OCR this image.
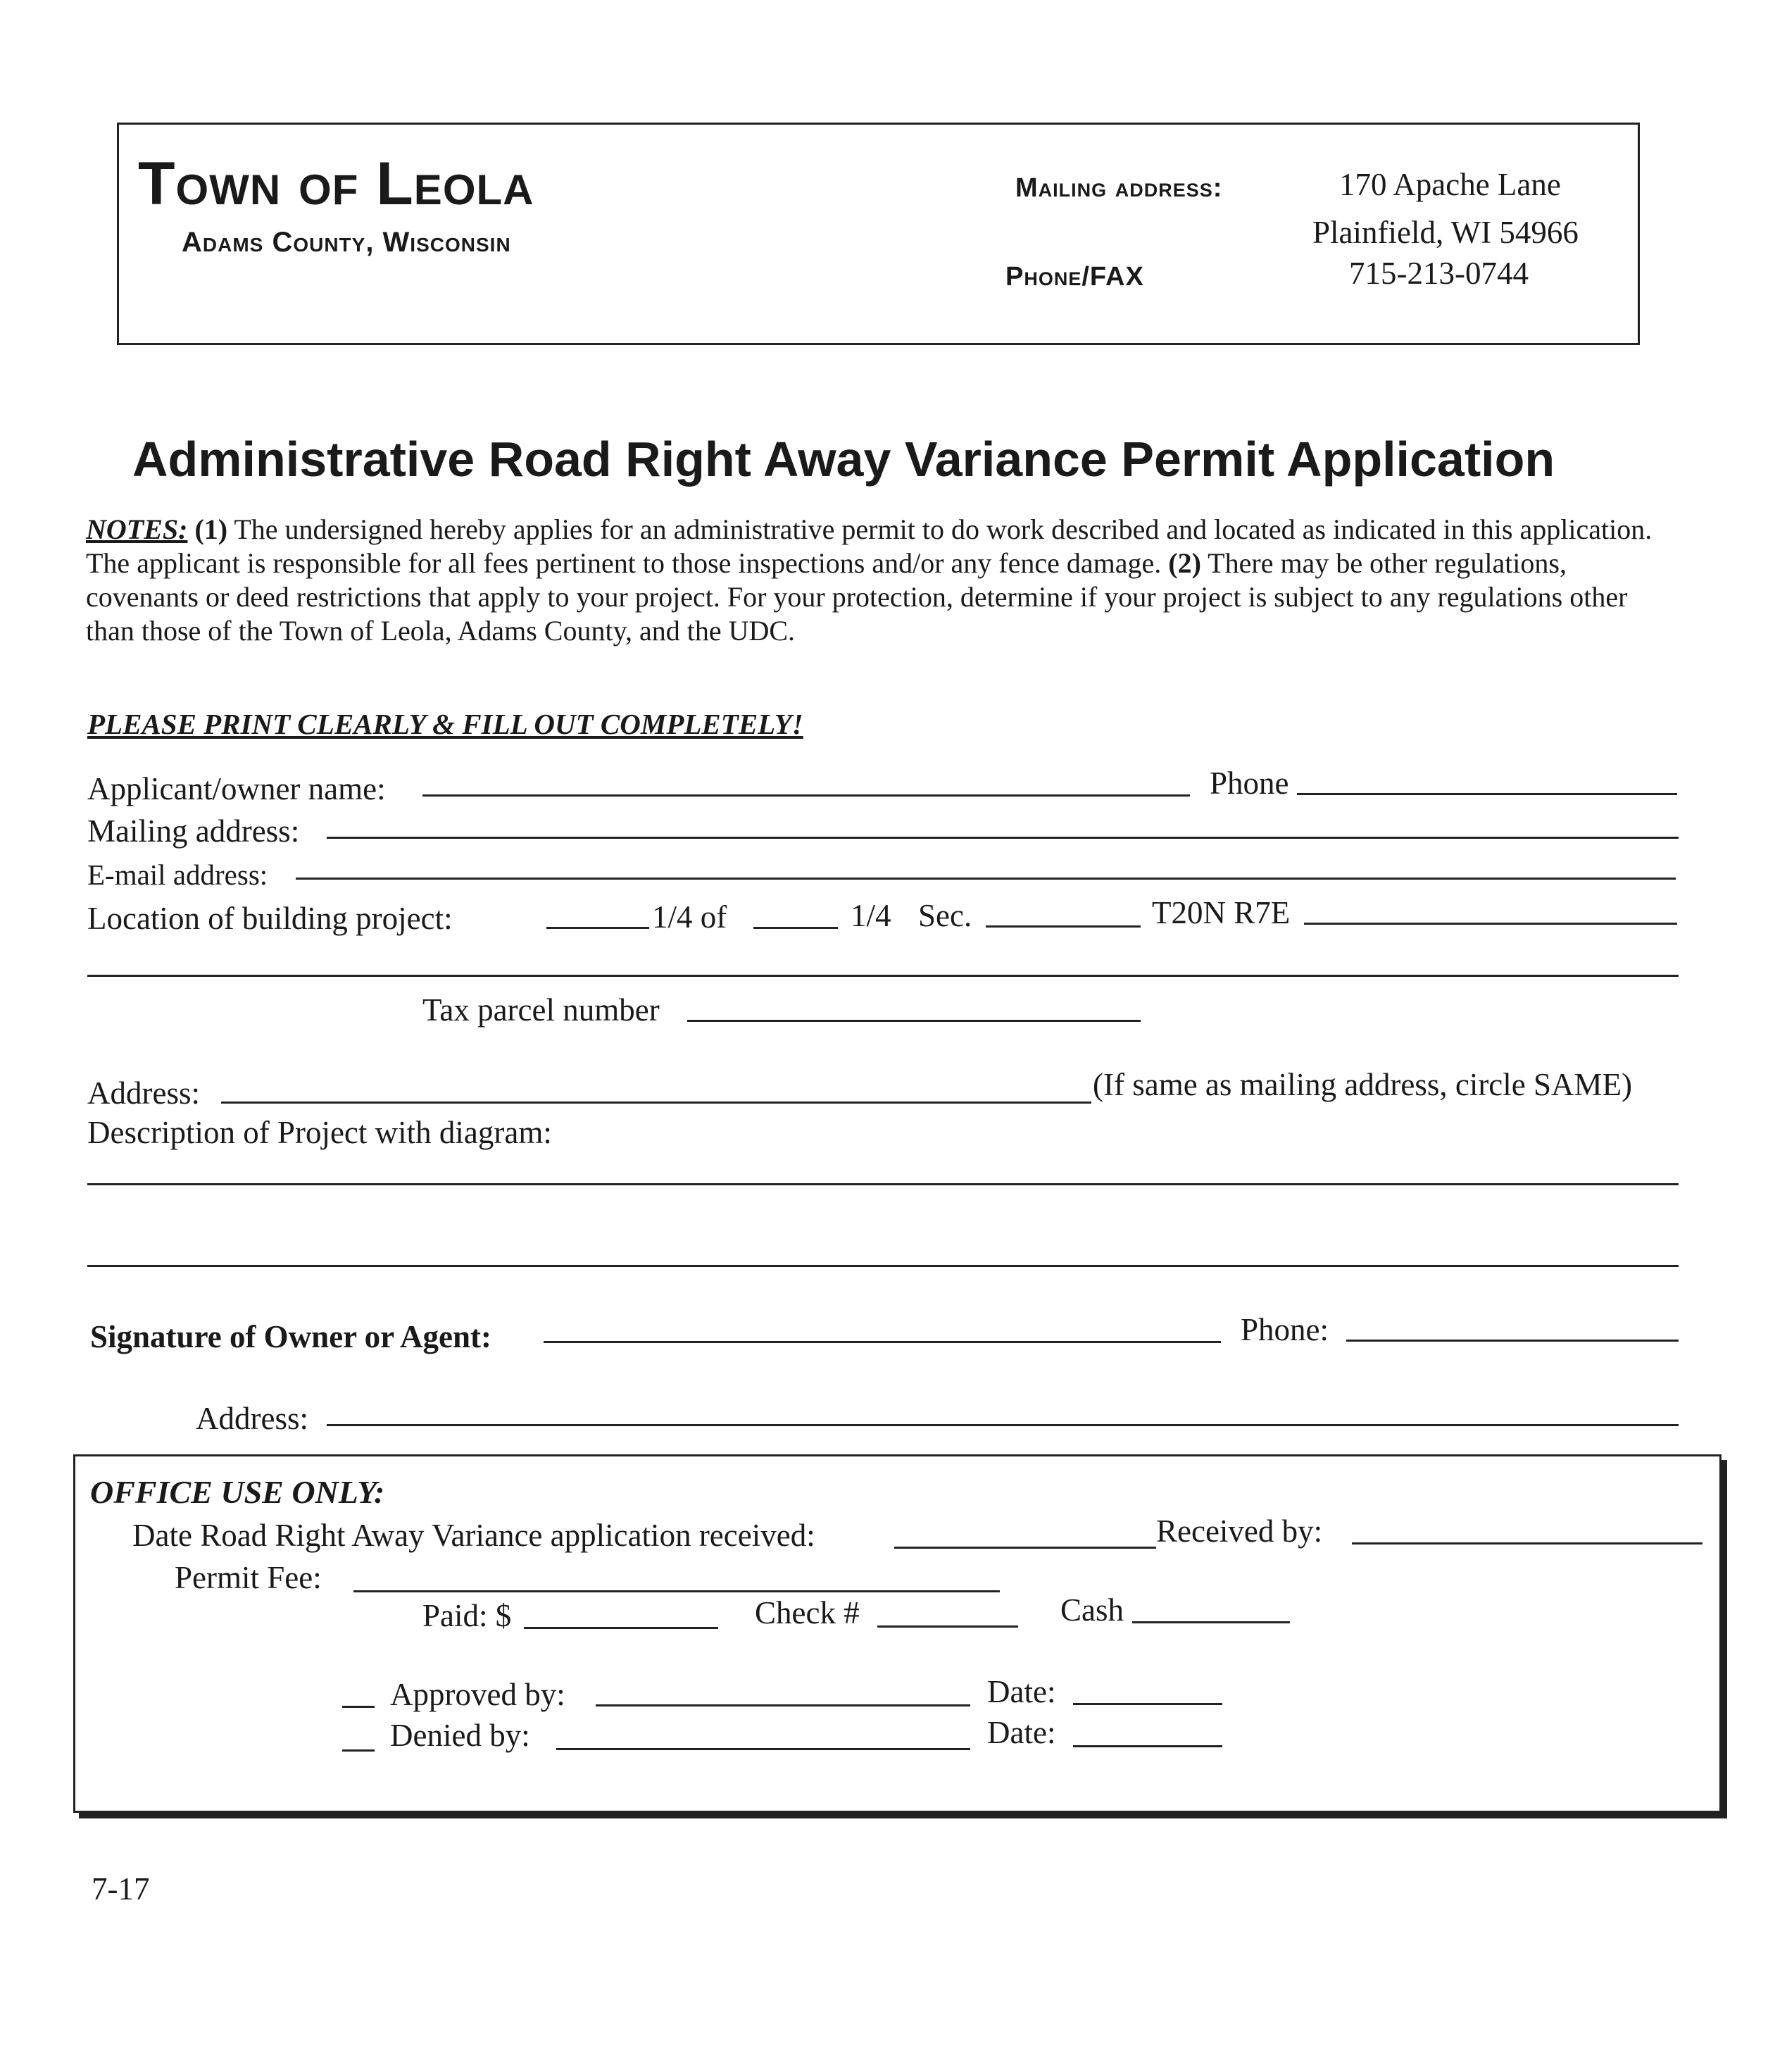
Town of Leola
Adams County, Wisconsin
Mailing address:	170 Apache Lane
Plainfield, WI 54966
Phone/FAX	715-213-0744
Administrative Road Right Away Variance Permit Application
NOTES: (1) The undersigned hereby applies for an administrative permit to do work described and located as indicated in this application. The applicant is responsible for all fees pertinent to those inspections and/or any fence damage. (2) There may be other regulations, covenants or deed restrictions that apply to your project. For your protection, determine if your project is subject to any regulations other than those of the Town of Leola, Adams County, and the UDC.
PLEASE PRINT CLEARLY & FILL OUT COMPLETELY!
Applicant/owner name:	Phone
Mailing address:
E-mail address:
Location of building project:	1/4 of	1/4 Sec.	T20N R7E
Tax parcel number
Address:	(If same as mailing address, circle SAME)
Description of Project with diagram:
Signature of Owner or Agent:	Phone:
Address:
OFFICE USE ONLY:
Date Road Right Away Variance application received:	Received by:
Permit Fee:
Paid: $	Check #	Cash
Approved by:	Date:
Denied by:	Date:
7-17
